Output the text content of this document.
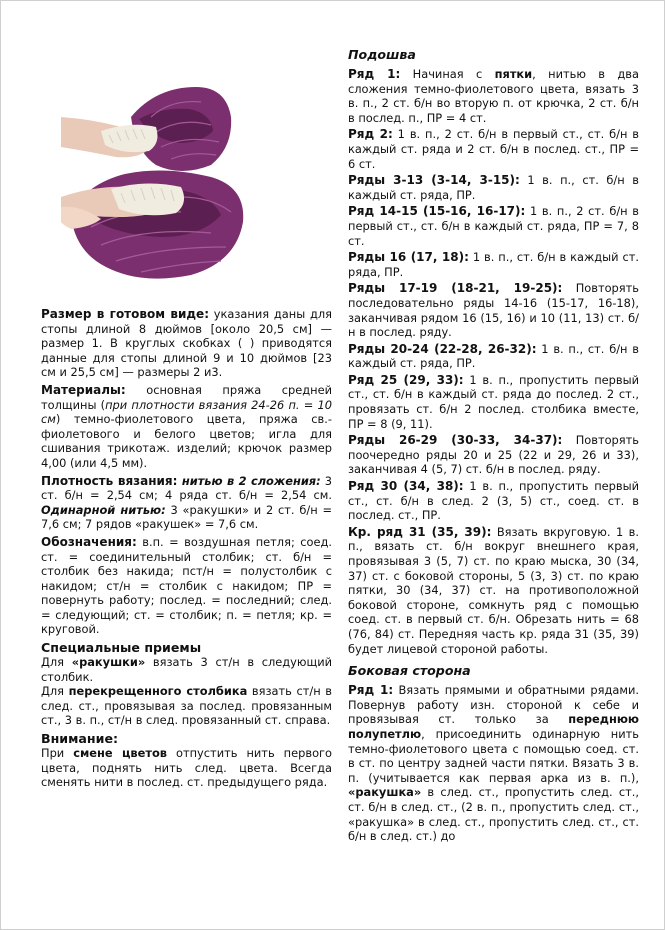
Размер в готовом виде: указания даны для стопы длиной 8 дюймов [около 20,5 см] — размер 1. В круглых скобках ( ) приводятся данные для стопы длиной 9 и 10 дюймов [23 см и 25,5 см] — размеры 2 и3.

Материалы: основная пряжа средней толщины (при плотности вязания 24-26 п. = 10 см) темно-фиолетового цвета, пряжа св.-фиолетового и белого цветов; игла для сшивания трикотаж. изделий; крючок размер 4,00 (или 4,5 мм).

Плотность вязания: нитью в 2 сложения: 3 ст. б/н = 2,54 см; 4 ряда ст. б/н = 2,54 см. Одинарной нитью: 3 «ракушки» и 2 ст. б/н = 7,6 см; 7 рядов «ракушек» = 7,6 см.

Обозначения: в.п. = воздушная петля; соед. ст. = соединительный столбик; ст. б/н = столбик без накида; пст/н = полустолбик с накидом; ст/н = столбик с накидом; ПР = повернуть работу; послед. = последний; след. = следующий; ст. = столбик; п. = петля; кр. = круговой.

Специальные приемы

Для «ракушки» вязать 3 ст/н в следующий столбик.

Для перекрещенного столбика вязать ст/н в след. ст., провязывая за послед. провязанным ст., 3 в. п., ст/н в след. провязанный ст. справа.

Внимание:

При смене цветов отпустить нить первого цвета, поднять нить след. цвета. Всегда сменять нити в послед. ст. предыдущего ряда.

Подошва

Ряд 1: Начиная с пятки, нитью в два сложения темно-фиолетового цвета, вязать 3 в. п., 2 ст. б/н во вторую п. от крючка, 2 ст. б/н в послед. п., ПР = 4 ст.

Ряд 2: 1 в. п., 2 ст. б/н в первый ст., ст. б/н в каждый ст. ряда и 2 ст. б/н в послед. ст., ПР = 6 ст.

Ряды 3-13 (3-14, 3-15): 1 в. п., ст. б/н в каждый ст. ряда, ПР.

Ряд 14-15 (15-16, 16-17): 1 в. п., 2 ст. б/н в первый ст., ст. б/н в каждый ст. ряда, ПР = 7, 8 ст.

Ряды 16 (17, 18): 1 в. п., ст. б/н в каждый ст. ряда, ПР.

Ряды 17-19 (18-21, 19-25): Повторять последовательно ряды 14-16 (15-17, 16-18), заканчивая рядом 16 (15, 16) и 10 (11, 13) ст. б/н в послед. ряду.

Ряды 20-24 (22-28, 26-32): 1 в. п., ст. б/н в каждый ст. ряда, ПР.

Ряд 25 (29, 33): 1 в. п., пропустить первый ст., ст. б/н в каждый ст. ряда до послед. 2 ст., провязать ст. б/н 2 послед. столбика вместе, ПР = 8 (9, 11).

Ряды 26-29 (30-33, 34-37): Повторять поочередно ряды 20 и 25 (22 и 29, 26 и 33), заканчивая 4 (5, 7) ст. б/н в послед. ряду.

Ряд 30 (34, 38): 1 в. п., пропустить первый ст., ст. б/н в след. 2 (3, 5) ст., соед. ст. в послед. ст., ПР.

Кр. ряд 31 (35, 39): Вязать вкруговую. 1 в. п., вязать ст. б/н вокруг внешнего края, провязывая 3 (5, 7) ст. по краю мыска, 30 (34, 37) ст. с боковой стороны, 5 (3, 3) ст. по краю пятки, 30 (34, 37) ст. на противоположной боковой стороне, сомкнуть ряд с помощью соед. ст. в первый ст. б/н. Обрезать нить = 68 (76, 84) ст. Передняя часть кр. ряда 31 (35, 39) будет лицевой стороной работы.

Боковая сторона

Ряд 1: Вязать прямыми и обратными рядами. Повернув работу изн. стороной к себе и провязывая ст. только за переднюю полупетлю, присоединить одинарную нить темно-фиолетового цвета с помощью соед. ст. в ст. по центру задней части пятки. Вязать 3 в. п. (учитывается как первая арка из в. п.), «ракушка» в след. ст., пропустить след. ст., ст. б/н в след. ст., (2 в. п., пропустить след. ст., «ракушка» в след. ст., пропустить след. ст., ст. б/н в след. ст.) до
